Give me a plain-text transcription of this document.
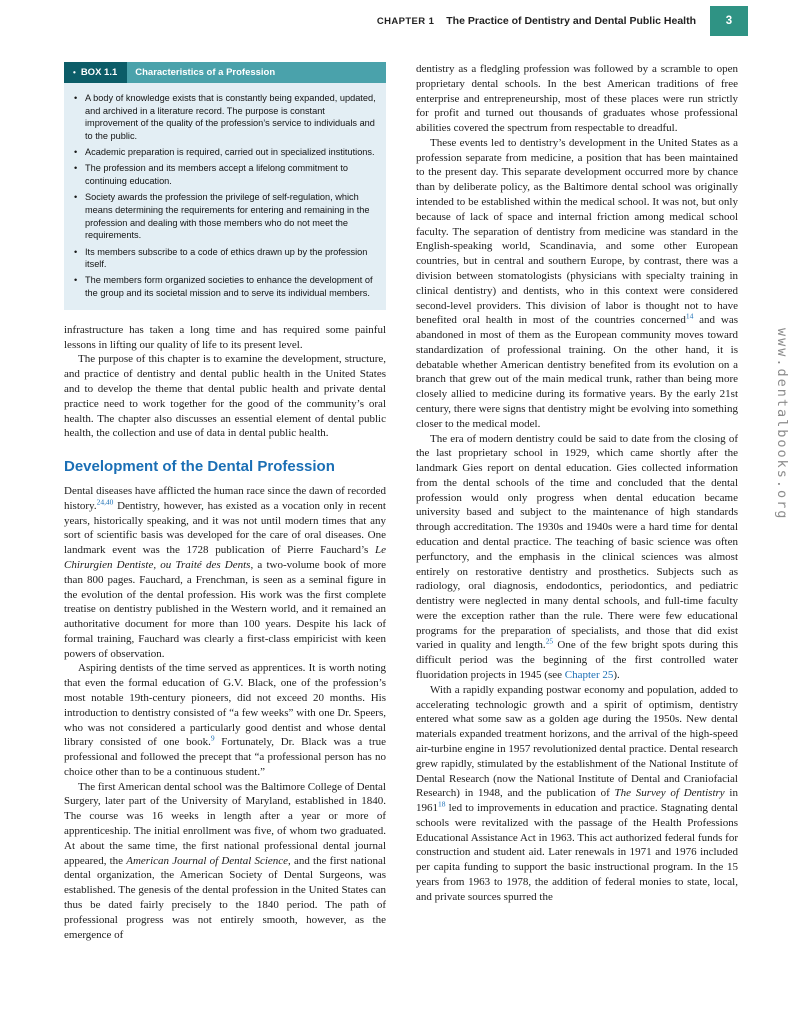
CHAPTER 1 The Practice of Dentistry and Dental Public Health	3
• BOX 1.1	Characteristics of a Profession
• A body of knowledge exists that is constantly being expanded, updated, and archived in a literature record. The purpose is constant improvement of the quality of the profession’s service to individuals and to the public.
• Academic preparation is required, carried out in specialized institutions.
• The profession and its members accept a lifelong commitment to continuing education.
• Society awards the profession the privilege of self-regulation, which means determining the requirements for entering and remaining in the profession and dealing with those members who do not meet the requirements.
• Its members subscribe to a code of ethics drawn up by the profession itself.
• The members form organized societies to enhance the development of the group and its societal mission and to serve its individual members.

infrastructure has taken a long time and has required some painful lessons in lifting our quality of life to its present level.

The purpose of this chapter is to examine the development, structure, and practice of dentistry and dental public health in the United States and to develop the theme that dental public health and private dental practice need to work together for the good of the community’s oral health. The chapter also discusses an essential element of dental public health, the collection and use of data in dental public health.

Development of the Dental Profession

Dental diseases have afflicted the human race since the dawn of recorded history.$^{24,40}$ Dentistry, however, has existed as a vocation only in recent years, historically speaking, and it was not until modern times that any sort of scientific basis was developed for the care of oral diseases. One landmark event was the 1728 publication of Pierre Fauchard’s Le Chirurgien Dentiste, ou Traité des Dents, a two-volume book of more than 800 pages. Fauchard, a Frenchman, is seen as a seminal figure in the evolution of the dental profession. His work was the first complete treatise on dentistry published in the Western world, and it remained an authoritative document for more than 100 years. Despite his lack of formal training, Fauchard was clearly a first-class empiricist with keen powers of observation.

Aspiring dentists of the time served as apprentices. It is worth noting that even the formal education of G.V. Black, one of the profession’s most notable 19th-century pioneers, did not exceed 20 months. His introduction to dentistry consisted of “a few weeks” with one Dr. Speers, who was not considered a particularly good dentist and whose dental library consisted of one book.$^9$ Fortunately, Dr. Black was a true professional and followed the precept that “a professional person has no choice other than to be a continuous student.”

The first American dental school was the Baltimore College of Dental Surgery, later part of the University of Maryland, established in 1840. The course was 16 weeks in length after a year or more of apprenticeship. The initial enrollment was five, of whom two graduated. At about the same time, the first national professional dental journal appeared, the American Journal of Dental Science, and the first national dental organization, the American Society of Dental Surgeons, was established. The genesis of the dental profession in the United States can thus be dated fairly precisely to the 1840 period. The path of professional progress was not entirely smooth, however, as the emergence of

dentistry as a fledgling profession was followed by a scramble to open proprietary dental schools. In the best American traditions of free enterprise and entrepreneurship, most of these places were run strictly for profit and turned out thousands of graduates whose professional abilities covered the spectrum from respectable to dreadful.

These events led to dentistry’s development in the United States as a profession separate from medicine, a position that has been maintained to the present day. This separate development occurred more by chance than by deliberate policy, as the Baltimore dental school was originally intended to be established within the medical school. It was not, but only because of lack of space and internal friction among medical school faculty. The separation of dentistry from medicine was standard in the English-speaking world, Scandinavia, and some other European countries, but in central and southern Europe, by contrast, there was a division between stomatologists (physicians with specialty training in clinical dentistry) and dentists, who in this context were considered second-level providers. This division of labor is thought not to have benefited oral health in most of the countries concerned$^{14}$ and was abandoned in most of them as the European community moves toward standardization of professional training. On the other hand, it is debatable whether American dentistry benefited from its evolution on a branch that grew out of the main medical trunk, rather than being more closely allied to medicine during its formative years. By the early 21st century, there were signs that dentistry might be evolving into something closer to the medical model.

The era of modern dentistry could be said to date from the closing of the last proprietary school in 1929, which came shortly after the landmark Gies report on dental education. Gies collected information from the dental schools of the time and concluded that the dental profession would only progress when dental education became university based and subject to the maintenance of high standards through accreditation. The 1930s and 1940s were a hard time for dental education and dental practice. The teaching of basic science was often perfunctory, and the emphasis in the clinical sciences was almost entirely on restorative dentistry and prosthetics. Subjects such as radiology, oral diagnosis, endodontics, periodontics, and pediatric dentistry were neglected in many dental schools, and full-time faculty were the exception rather than the rule. There were few educational programs for the preparation of specialists, and those that did exist varied in quality and length.$^{25}$ One of the few bright spots during this difficult period was the beginning of the first controlled water fluoridation projects in 1945 (see Chapter 25).

With a rapidly expanding postwar economy and population, added to accelerating technologic growth and a spirit of optimism, dentistry entered what some saw as a golden age during the 1950s. New dental materials expanded treatment horizons, and the arrival of the high-speed air-turbine engine in 1957 revolutionized dental practice. Dental research grew rapidly, stimulated by the establishment of the National Institute of Dental Research (now the National Institute of Dental and Craniofacial Research) in 1948, and the publication of The Survey of Dentistry in 1961$^{18}$ led to improvements in education and practice. Stagnating dental schools were revitalized with the passage of the Health Professions Educational Assistance Act in 1963. This act authorized federal funds for construction and student aid. Later renewals in 1971 and 1976 included per capita funding to support the basic instructional program. In the 15 years from 1963 to 1978, the addition of federal monies to state, local, and private sources spurred the

www.dentalbooks.org
